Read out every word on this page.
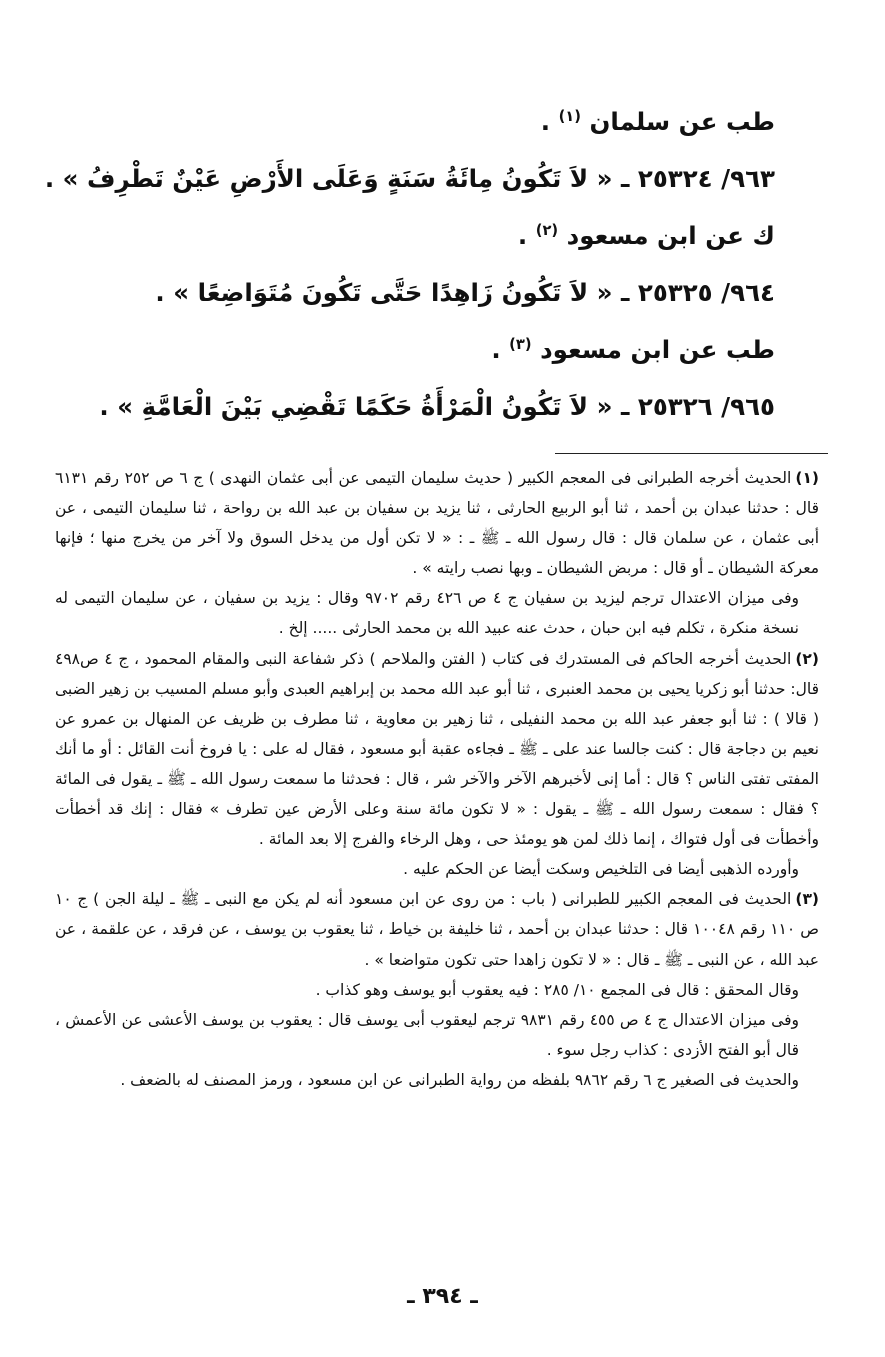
طب عن سلمان $^{(١)}$ .
٩٦٣/ ٢٥٣٢٤ ـ « لاَ تَكُونُ مِائَةُ سَنَةٍ وَعَلَى الأَرْضِ عَيْنٌ تَطْرِفُ » .
ك عن ابن مسعود $^{(٢)}$ .
٩٦٤/ ٢٥٣٢٥ ـ « لاَ تَكُونُ زَاهِدًا حَتَّى تَكُونَ مُتَوَاضِعًا » .
طب عن ابن مسعود $^{(٣)}$ .
٩٦٥/ ٢٥٣٢٦ ـ « لاَ تَكُونُ الْمَرْأَةُ حَكَمًا تَقْضِي بَيْنَ الْعَامَّةِ » .

(١)الحديث أخرجه الطبرانى فى المعجم الكبير ( حديث سليمان التيمى عن أبى عثمان النهدى ) ج ٦ ص ٢٥٢ رقم ٦١٣١ قال : حدثنا عبدان بن أحمد ، ثنا أبو الربيع الحارثى ، ثنا يزيد بن سفيان بن عبد الله بن رواحة ، ثنا سليمان التيمى ، عن أبى عثمان ، عن سلمان قال : قال رسول الله ـ ﷺ ـ : « لا تكن أول من يدخل السوق ولا آخر من يخرج منها ؛ فإنها معركة الشيطان ـ أو قال : مربض الشيطان ـ وبها نصب رايته » .

وفى ميزان الاعتدال ترجم ليزيد بن سفيان ج ٤ ص ٤٢٦ رقم ٩٧٠٢ وقال : يزيد بن سفيان ، عن سليمان التيمى له نسخة منكرة ، تكلم فيه ابن حبان ، حدث عنه عبيد الله بن محمد الحارثى ..... إلخ .

(٢)الحديث أخرجه الحاكم فى المستدرك فى كتاب ( الفتن والملاحم ) ذكر شفاعة النبى والمقام المحمود ، ج ٤ ص٤٩٨ قال: حدثنا أبو زكريا يحيى بن محمد العنبرى ، ثنا أبو عبد الله محمد بن إبراهيم العبدى وأبو مسلم المسيب بن زهير الضبى ( قالا ) : ثنا أبو جعفر عبد الله بن محمد النفيلى ، ثنا زهير بن معاوية ، ثنا مطرف بن ظريف عن المنهال بن عمرو عن نعيم بن دجاجة قال : كنت جالسا عند على ـ ﷺ ـ فجاءه عقبة أبو مسعود ، فقال له على : يا فروخ أنت القائل : أو ما أنك المفتى تفتى الناس ؟ قال : أما إنى لأخبرهم الآخر والآخر شر ، قال : فحدثنا ما سمعت رسول الله ـ ﷺ ـ يقول فى المائة ؟ فقال : سمعت رسول الله ـ ﷺ ـ يقول : « لا تكون مائة سنة وعلى الأرض عين تطرف » فقال : إنك قد أخطأت وأخطأت فى أول فتواك ، إنما ذلك لمن هو يومئذ حى ، وهل الرخاء والفرج إلا بعد المائة .

وأورده الذهبى أيضا فى التلخيص وسكت أيضا عن الحكم عليه .

(٣)الحديث فى المعجم الكبير للطبرانى ( باب : من روى عن ابن مسعود أنه لم يكن مع النبى ـ ﷺ ـ ليلة الجن ) ج ١٠ ص ١١٠ رقم ١٠٠٤٨ قال : حدثنا عبدان بن أحمد ، ثنا خليفة بن خياط ، ثنا يعقوب بن يوسف ، عن فرقد ، عن علقمة ، عن عبد الله ، عن النبى ـ ﷺ ـ قال : « لا تكون زاهدا حتى تكون متواضعا » .

وقال المحقق : قال فى المجمع ١٠/ ٢٨٥ : فيه يعقوب أبو يوسف وهو كذاب .

وفى ميزان الاعتدال ج ٤ ص ٤٥٥ رقم ٩٨٣١ ترجم ليعقوب أبى يوسف قال : يعقوب بن يوسف الأعشى عن الأعمش ، قال أبو الفتح الأزدى : كذاب رجل سوء .

والحديث فى الصغير ج ٦ رقم ٩٨٦٢ بلفظه من رواية الطبرانى عن ابن مسعود ، ورمز المصنف له بالضعف .

ـ ٣٩٤ ـ
